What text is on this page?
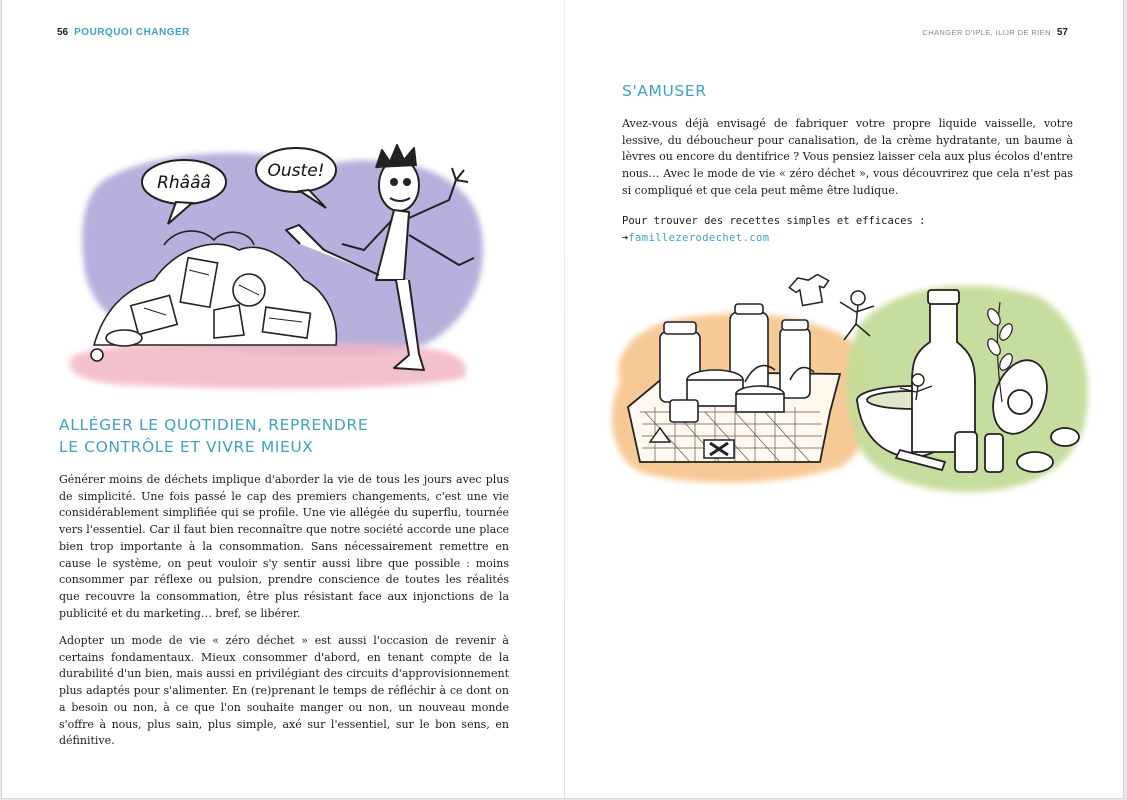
56 POURQUOI CHANGER	CHANGER D'IPLE, ILIJR DE RIEN 57
Rhâââ
Ouste!
ALLÉGER LE QUOTIDIEN, REPRENDRE
LE CONTRÔLE ET VIVRE MIEUX

Générer moins de déchets implique d'aborder la vie de tous les jours avec plus de simplicité. Une fois passé le cap des premiers changements, c'est une vie considérablement simplifiée qui se profile. Une vie allégée du superflu, tournée vers l'essentiel. Car il faut bien reconnaître que notre société accorde une place bien trop importante à la consommation. Sans nécessairement remettre en cause le système, on peut vouloir s'y sentir aussi libre que possible : moins consommer par réflexe ou pulsion, prendre conscience de toutes les réalités que recouvre la consommation, être plus résistant face aux injonctions de la publicité et du marketing… bref, se libérer.

Adopter un mode de vie « zéro déchet » est aussi l'occasion de revenir à certains fondamentaux. Mieux consommer d'abord, en tenant compte de la durabilité d'un bien, mais aussi en privilégiant des circuits d'approvisionnement plus adaptés pour s'alimenter. En (re)prenant le temps de réfléchir à ce dont on a besoin ou non, à ce que l'on souhaite manger ou non, un nouveau monde s'offre à nous, plus sain, plus simple, axé sur l'essentiel, sur le bon sens, en définitive.

S'AMUSER

Avez-vous déjà envisagé de fabriquer votre propre liquide vaisselle, votre lessive, du déboucheur pour canalisation, de la crème hydratante, un baume à lèvres ou encore du dentifrice ? Vous pensiez laisser cela aux plus écolos d'entre nous… Avec le mode de vie « zéro déchet », vous découvrirez que cela n'est pas si compliqué et que cela peut même être ludique.

Pour trouver des recettes simples et efficaces :
➔famillezerodechet.com
